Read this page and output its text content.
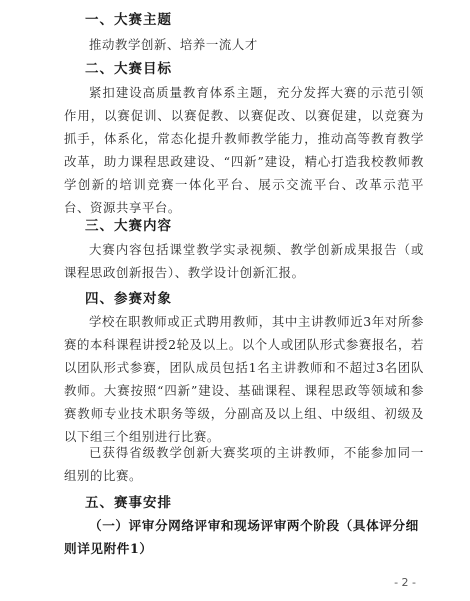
一、大赛主题
推动教学创新、培养一流人才
二、大赛目标
紧扣建设高质量教育体系主题，充分发挥大赛的示范引领作用，以赛促训、以赛促教、以赛促改、以赛促建，以竞赛为抓手，体系化，常态化提升教师教学能力，推动高等教育教学改革，助力课程思政建设、“四新”建设，精心打造我校教师教学创新的培训竞赛一体化平台、展示交流平台、改革示范平台、资源共享平台。
三、大赛内容
大赛内容包括课堂教学实录视频、教学创新成果报告（或课程思政创新报告）、教学设计创新汇报。
四、参赛对象
学校在职教师或正式聘用教师，其中主讲教师近3年对所参赛的本科课程讲授2轮及以上。以个人或团队形式参赛报名，若以团队形式参赛，团队成员包括1名主讲教师和不超过3名团队教师。大赛按照“四新”建设、基础课程、课程思政等领域和参赛教师专业技术职务等级，分副高及以上组、中级组、初级及以下组三个组别进行比赛。
已获得省级教学创新大赛奖项的主讲教师，不能参加同一组别的比赛。
五、赛事安排
（一）评审分网络评审和现场评审两个阶段（具体评分细则详见附件1）
- 2 -
